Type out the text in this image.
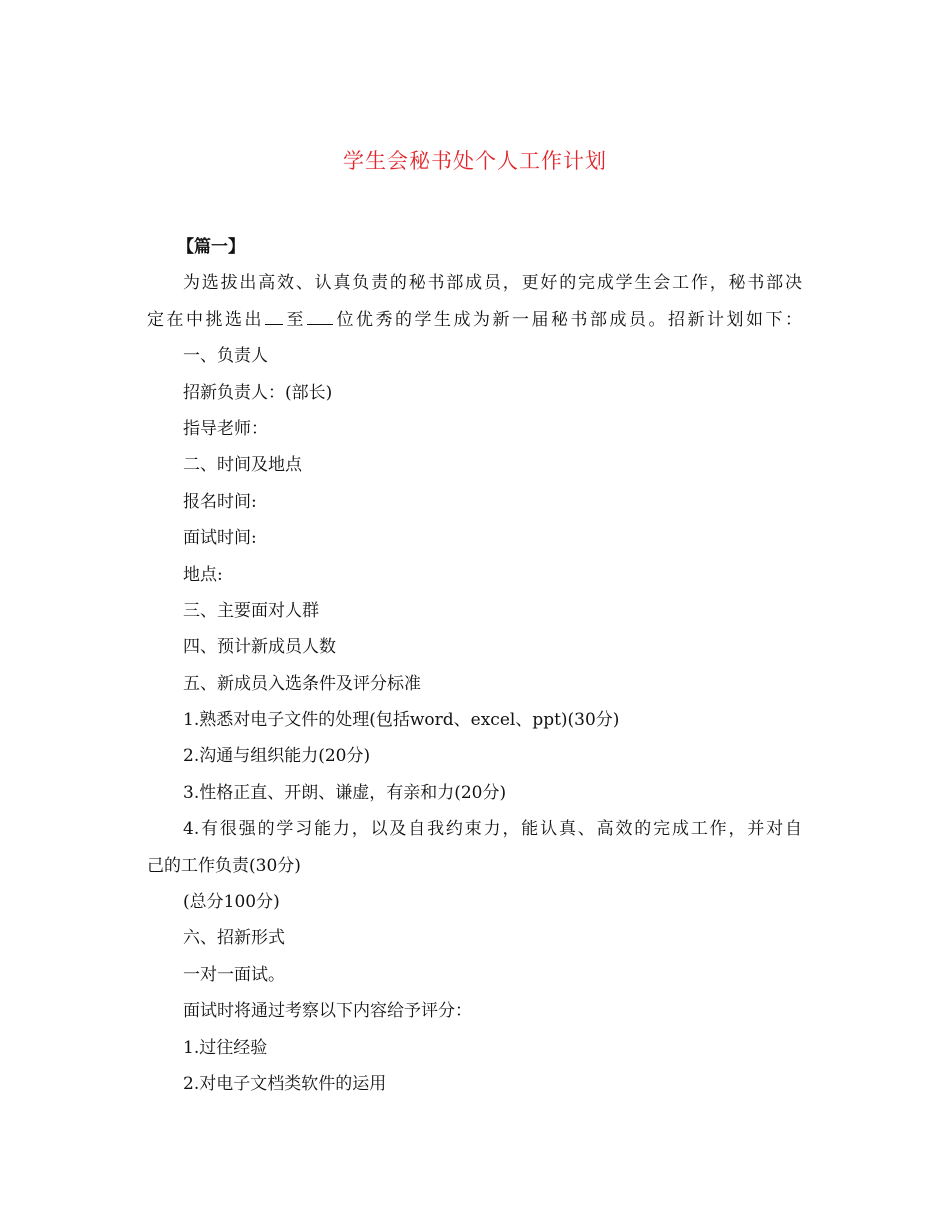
学生会秘书处个人工作计划

【篇一】

为选拔出高效、认真负责的秘书部成员，更好的完成学生会工作，秘书部决

定在中挑选出 至 位优秀的学生成为新一届秘书部成员。招新计划如下：

一、负责人

招新负责人：(部长)

指导老师：

二、时间及地点

报名时间:

面试时间:

地点:

三、主要面对人群

四、预计新成员人数

五、新成员入选条件及评分标准

1.熟悉对电子文件的处理(包括word、excel、ppt)(30分)

2.沟通与组织能力(20分)

3.性格正直、开朗、谦虚，有亲和力(20分)

4.有很强的学习能力，以及自我约束力，能认真、高效的完成工作，并对自

己的工作负责(30分)

(总分100分)

六、招新形式

一对一面试。

面试时将通过考察以下内容给予评分：

1.过往经验

2.对电子文档类软件的运用
